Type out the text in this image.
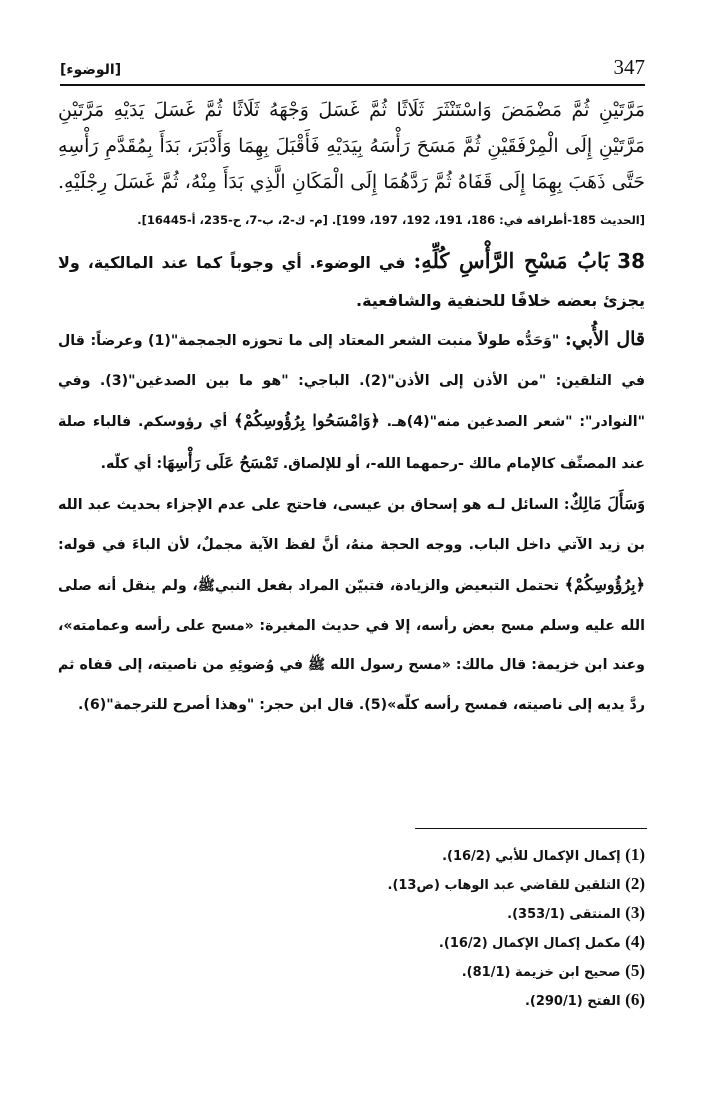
[الوضوء]	347

مَرَّتَيْنِ ثُمَّ مَضْمَضَ وَاسْتَنْثَرَ ثَلَاثًا ثُمَّ غَسَلَ وَجْهَهُ ثَلَاثًا ثُمَّ غَسَلَ يَدَيْهِ مَرَّتَيْنِ مَرَّتَيْنِ إِلَى الْمِرْفَقَيْنِ ثُمَّ مَسَحَ رَأْسَهُ بِيَدَيْهِ فَأَقْبَلَ بِهِمَا وَأَدْبَرَ، بَدَأَ بِمُقَدَّمِ رَأْسِهِ حَتَّى ذَهَبَ بِهِمَا إِلَى قَفَاهُ ثُمَّ رَدَّهُمَا إِلَى الْمَكَانِ الَّذِي بَدَأَ مِنْهُ، ثُمَّ غَسَلَ رِجْلَيْهِ. [الحديث 185-أطرافه في: 186، 191، 192، 197، 199]. [م- ك-2، ب-7، ح-235، أ-16445].

38 بَابُ مَسْحِ الرَّأْسِ كُلِّهِ: في الوضوء. أي وجوباً كما عند المالكية، ولا يجزئ بعضه خلافًا للحنفية والشافعية.

قال الأُبي: "وَحَدُّه طولاً منبت الشعر المعتاد إلى ما تحوزه الجمجمة"(1) وعرضاً: قال في التلقين: "من الأذن إلى الأذن"(2). الباجي: "هو ما بين الصدغين"(3). وفي "النوادر": "شعر الصدغين منه"(4)هـ. ﴿وَامْسَحُوا بِرُؤُوسِكُمْ﴾ أي رؤوسكم. فالباء صلة عند المصنِّف كالإمام مالك -رحمهما الله-، أو للإلصاق. تَمْسَحُ عَلَى رَأْسِهَا: أي كلّه.
وَسَأَلَ مَالِكٌ: السائل لـه هو إسحاق بن عيسى، فاحتج على عدم الإجزاء بحديث عبد الله بن زيد الآتي داخل الباب. ووجه الحجة منهُ، أنَّ لفظ الآية مجملٌ، لأن الباءَ في قوله: ﴿بِرُؤُوسِكُمْ﴾ تحتمل التبعيض والزيادة، فتبيّن المراد بفعل النبيﷺ، ولم ينقل أنه صلى الله عليه وسلم مسح بعض رأسه، إلا في حديث المغيرة: «مسح على رأسه وعمامته»، وعند ابن خزيمة: قال مالك: «مسح رسول الله ﷺ في وُضوئِهِ من ناصيته، إلى قفاه ثم ردَّ يديه إلى ناصيته، فمسح رأسه كلّه»(5). قال ابن حجر: "وهذا أصرح للترجمة"(6).

(1) إكمال الإكمال للأبي (16/2).
(2) التلقين للقاضي عبد الوهاب (ص13).
(3) المنتقى (353/1).
(4) مكمل إكمال الإكمال (16/2).
(5) صحيح ابن خزيمة (81/1).
(6) الفتح (290/1).
